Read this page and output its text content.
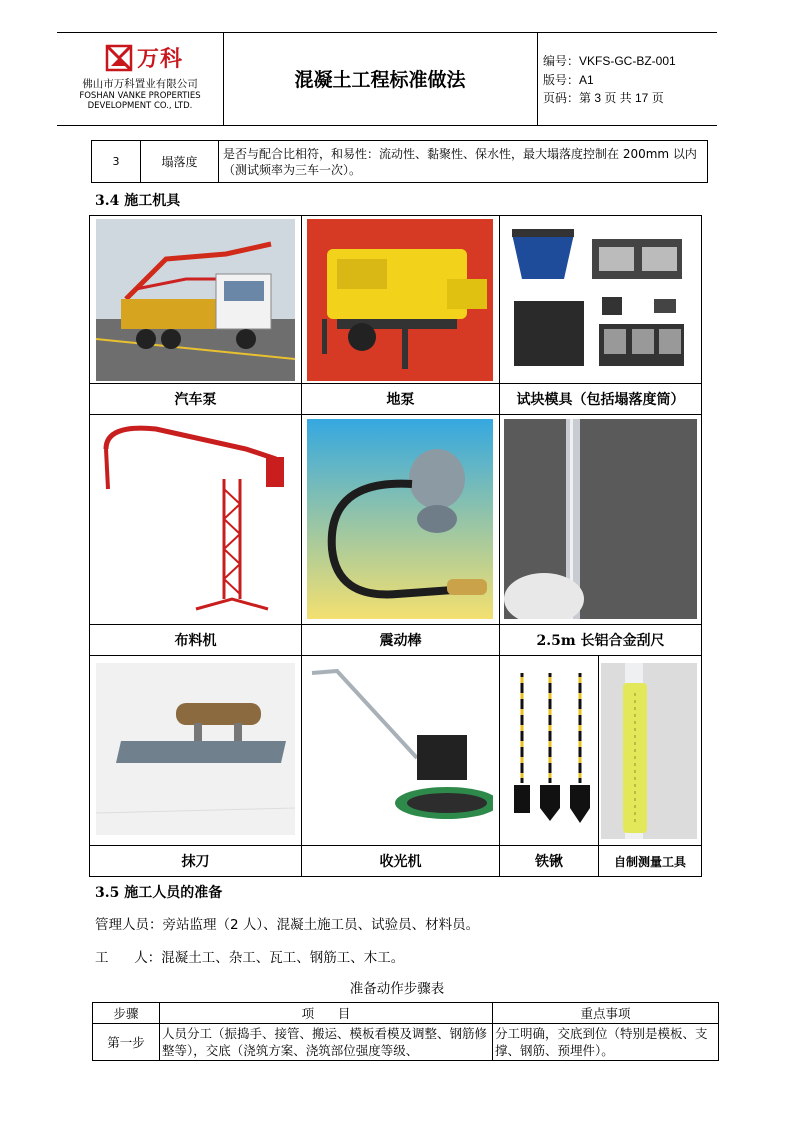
万科
佛山市万科置业有限公司
FOSHAN VANKE PROPERTIES
DEVELOPMENT CO., LTD.
混凝土工程标准做法
编号：VKFS-GC-BZ-001
版号：A1
页码：第 3 页 共 17 页
3	塌落度	是否与配合比相符，和易性：流动性、黏聚性、保水性，最大塌落度控制在 200mm 以内（测试频率为三车一次）。
3.4 施工机具
汽车泵	地泵	试块模具（包括塌落度筒）
布料机	震动棒	2.5m 长铝合金刮尺
抹刀	收光机	铁锹	自制测量工具
3.5 施工人员的准备
管理人员：旁站监理（2 人）、混凝土施工员、试验员、材料员。
工      人：混凝土工、杂工、瓦工、钢筋工、木工。
准备动作步骤表
步骤	项      目	重点事项
第一步	人员分工（振捣手、接管、搬运、模板看模及调整、钢筋修整等），交底（浇筑方案、浇筑部位强度等级、	分工明确，交底到位（特别是模板、支撑、钢筋、预埋件）。
